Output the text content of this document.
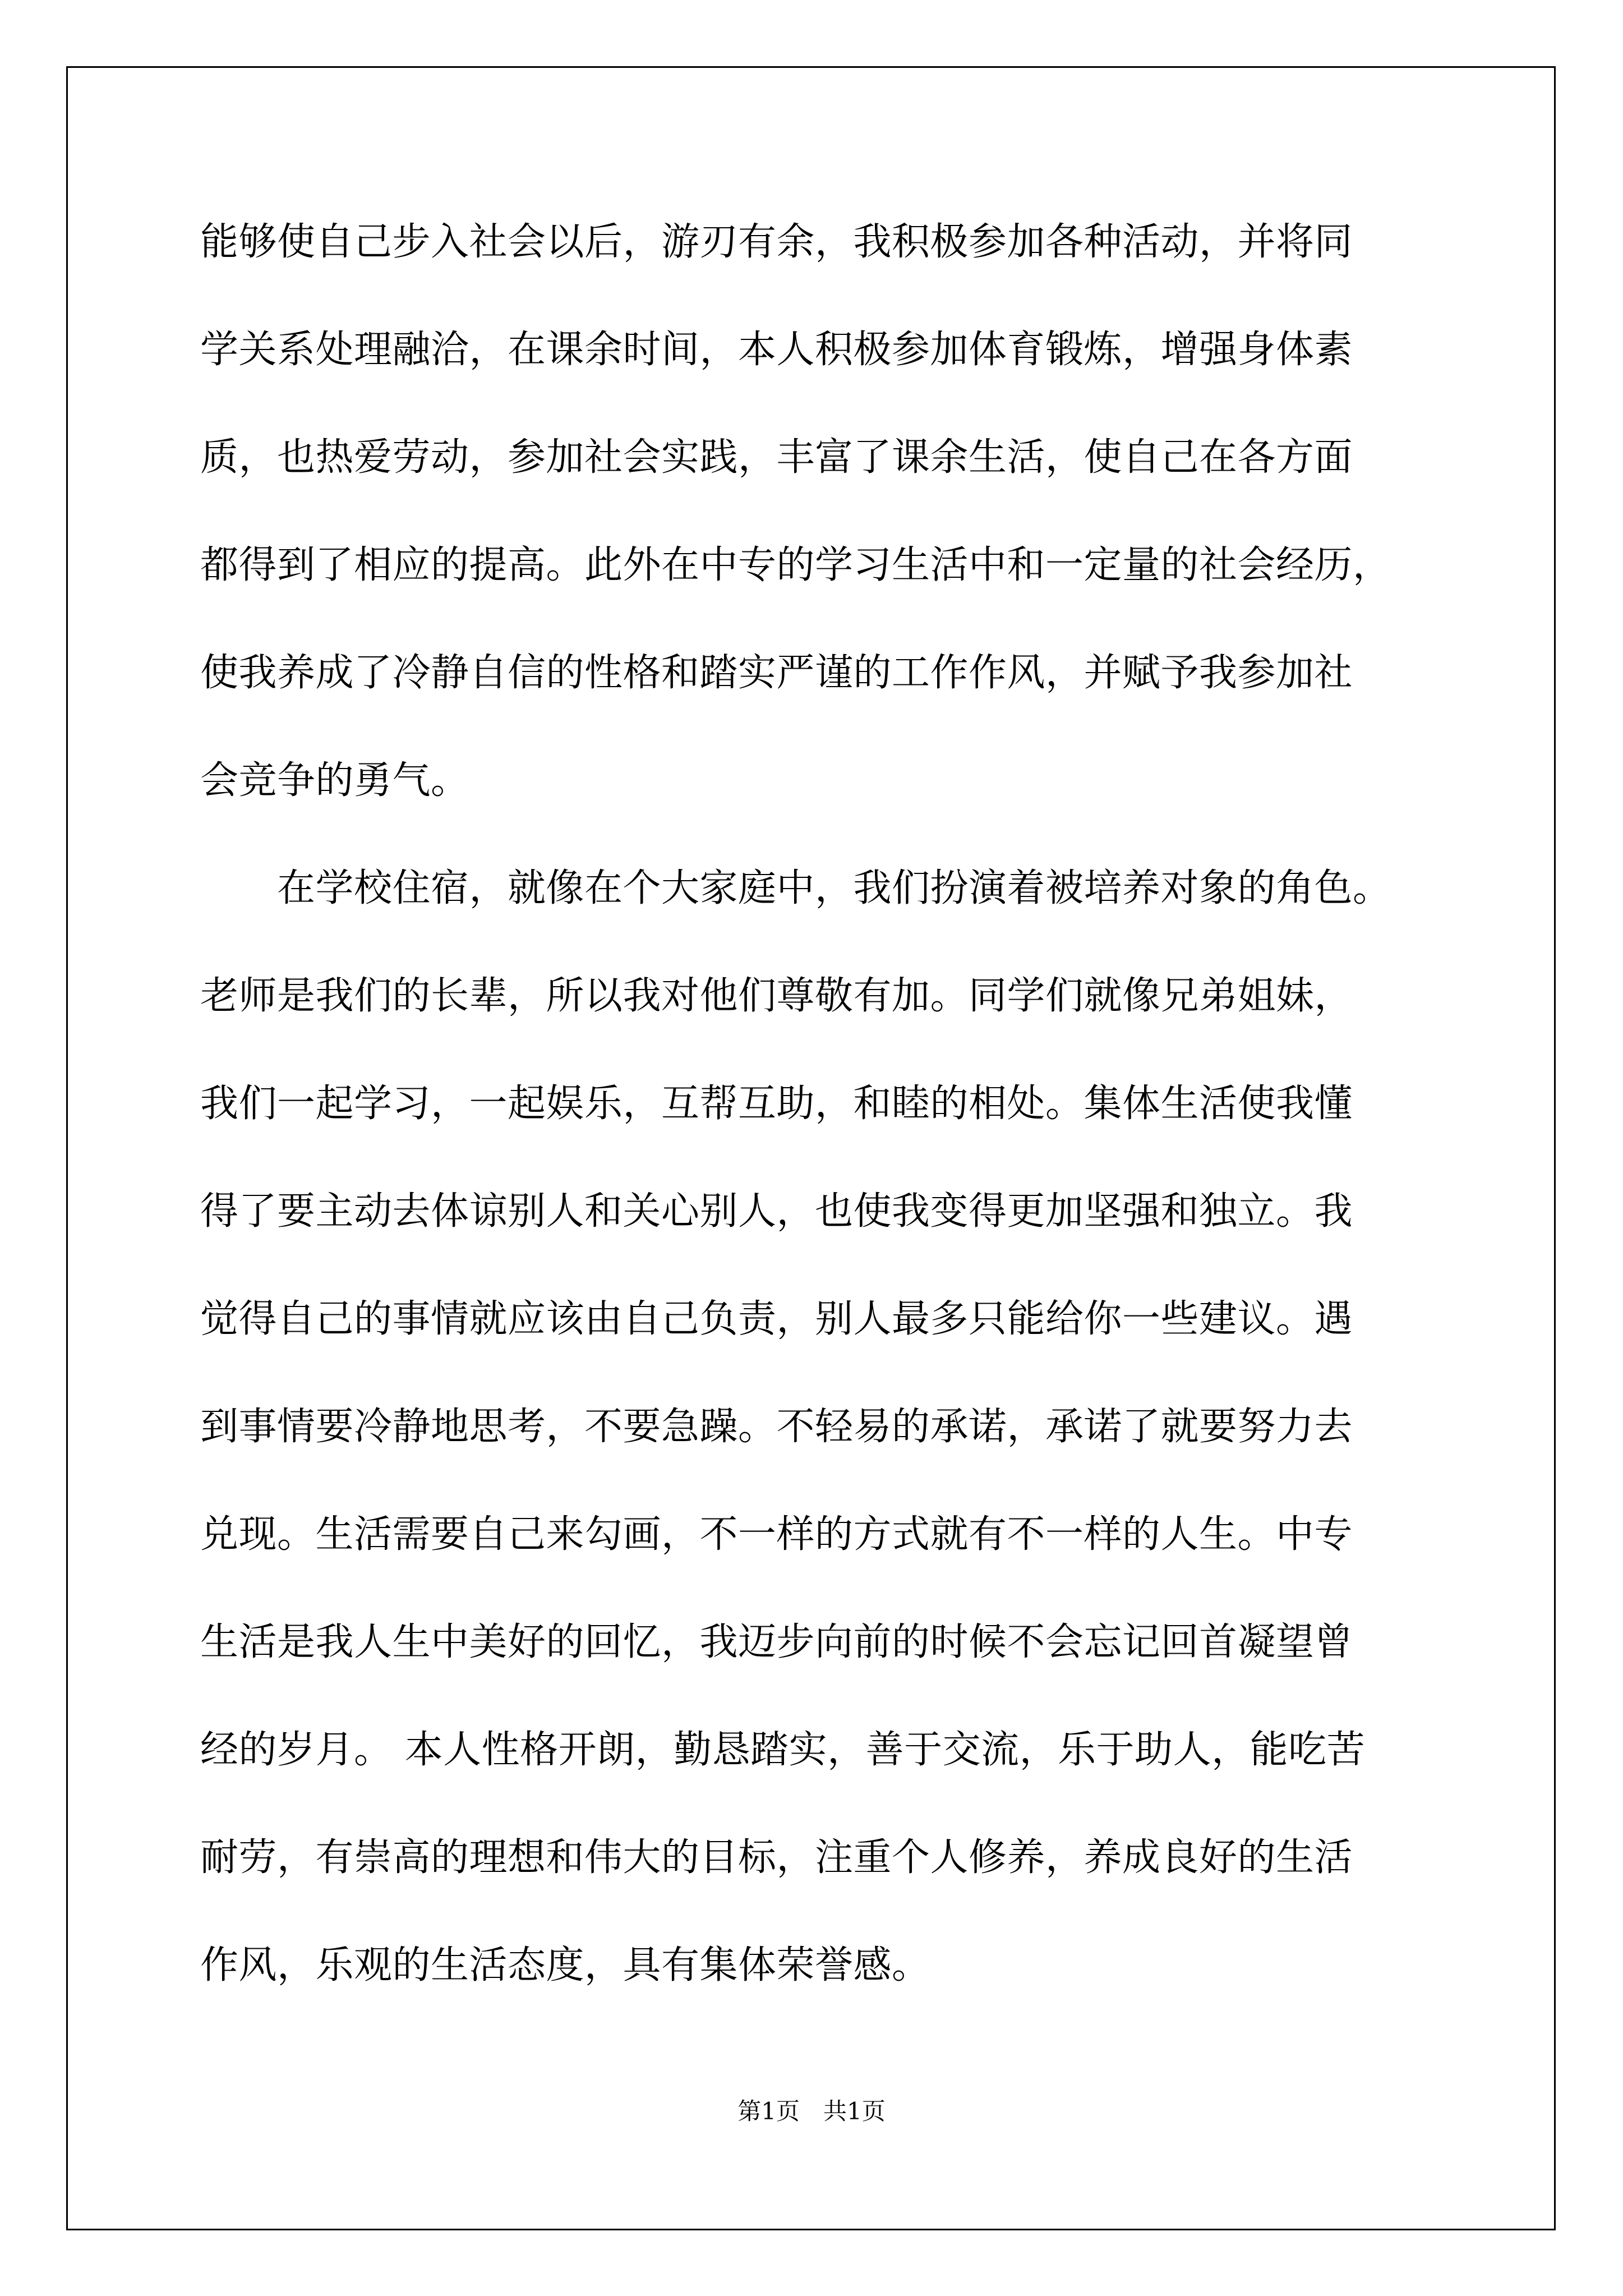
能够使自己步入社会以后，游刃有余，我积极参加各种活动，并将同
学关系处理融洽，在课余时间，本人积极参加体育锻炼，增强身体素
质，也热爱劳动，参加社会实践，丰富了课余生活，使自己在各方面
都得到了相应的提高。此外在中专的学习生活中和一定量的社会经历，
使我养成了冷静自信的性格和踏实严谨的工作作风，并赋予我参加社
会竞争的勇气。
　　在学校住宿，就像在个大家庭中，我们扮演着被培养对象的角色。
老师是我们的长辈，所以我对他们尊敬有加。同学们就像兄弟姐妹，
我们一起学习，一起娱乐，互帮互助，和睦的相处。集体生活使我懂
得了要主动去体谅别人和关心别人，也使我变得更加坚强和独立。我
觉得自己的事情就应该由自己负责，别人最多只能给你一些建议。遇
到事情要冷静地思考，不要急躁。不轻易的承诺，承诺了就要努力去
兑现。生活需要自己来勾画，不一样的方式就有不一样的人生。中专
生活是我人生中美好的回忆，我迈步向前的时候不会忘记回首凝望曾
经的岁月。 本人性格开朗，勤恳踏实，善于交流，乐于助人，能吃苦
耐劳，有崇高的理想和伟大的目标，注重个人修养，养成良好的生活
作风，乐观的生活态度，具有集体荣誉感。
第1页　共1页
